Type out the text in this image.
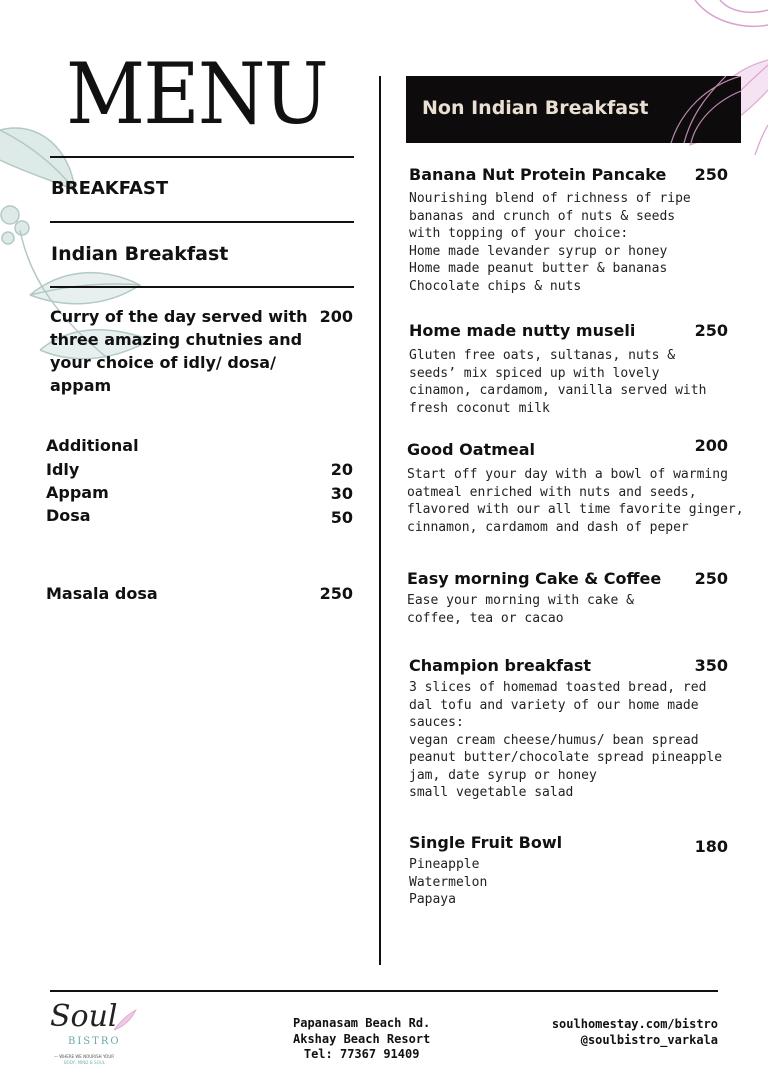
MENU
BREAKFAST
Indian Breakfast
Curry of the day served with
three amazing chutnies and
your choice of idly/ dosa/
appam
200
Additional
Idly	20
Appam	30
Dosa	50
Masala dosa	250
Non Indian Breakfast
Banana Nut Protein Pancake	250
Nourishing blend of richness of ripe
bananas and crunch of nuts & seeds
with topping of your choice:
Home made levander syrup or honey
Home made peanut butter & bananas
Chocolate chips & nuts
Home made nutty museli	250
Gluten free oats, sultanas, nuts &
seeds’ mix spiced up with lovely
cinamon, cardamom, vanilla served with
fresh coconut milk
Good Oatmeal	200
Start off your day with a bowl of warming
oatmeal enriched with nuts and seeds,
flavored with our all time favorite ginger,
cinnamon, cardamom and dash of peper
Easy morning Cake & Coffee	250
Ease your morning with cake &
coffee, tea or cacao
Champion breakfast	350
3 slices of homemad toasted bread, red
dal tofu and variety of our home made
sauces:
vegan cream cheese/humus/ bean spread
peanut butter/chocolate spread pineapple
jam, date syrup or honey
small vegetable salad
Single Fruit Bowl	180
Pineapple
Watermelon
Papaya
Soul
BISTRO
— WHERE WE NOURISH YOUR
BODY, MIND & SOUL
Papanasam Beach Rd.
Akshay Beach Resort
Tel: 77367 91409
soulhomestay.com/bistro
@soulbistro_varkala
